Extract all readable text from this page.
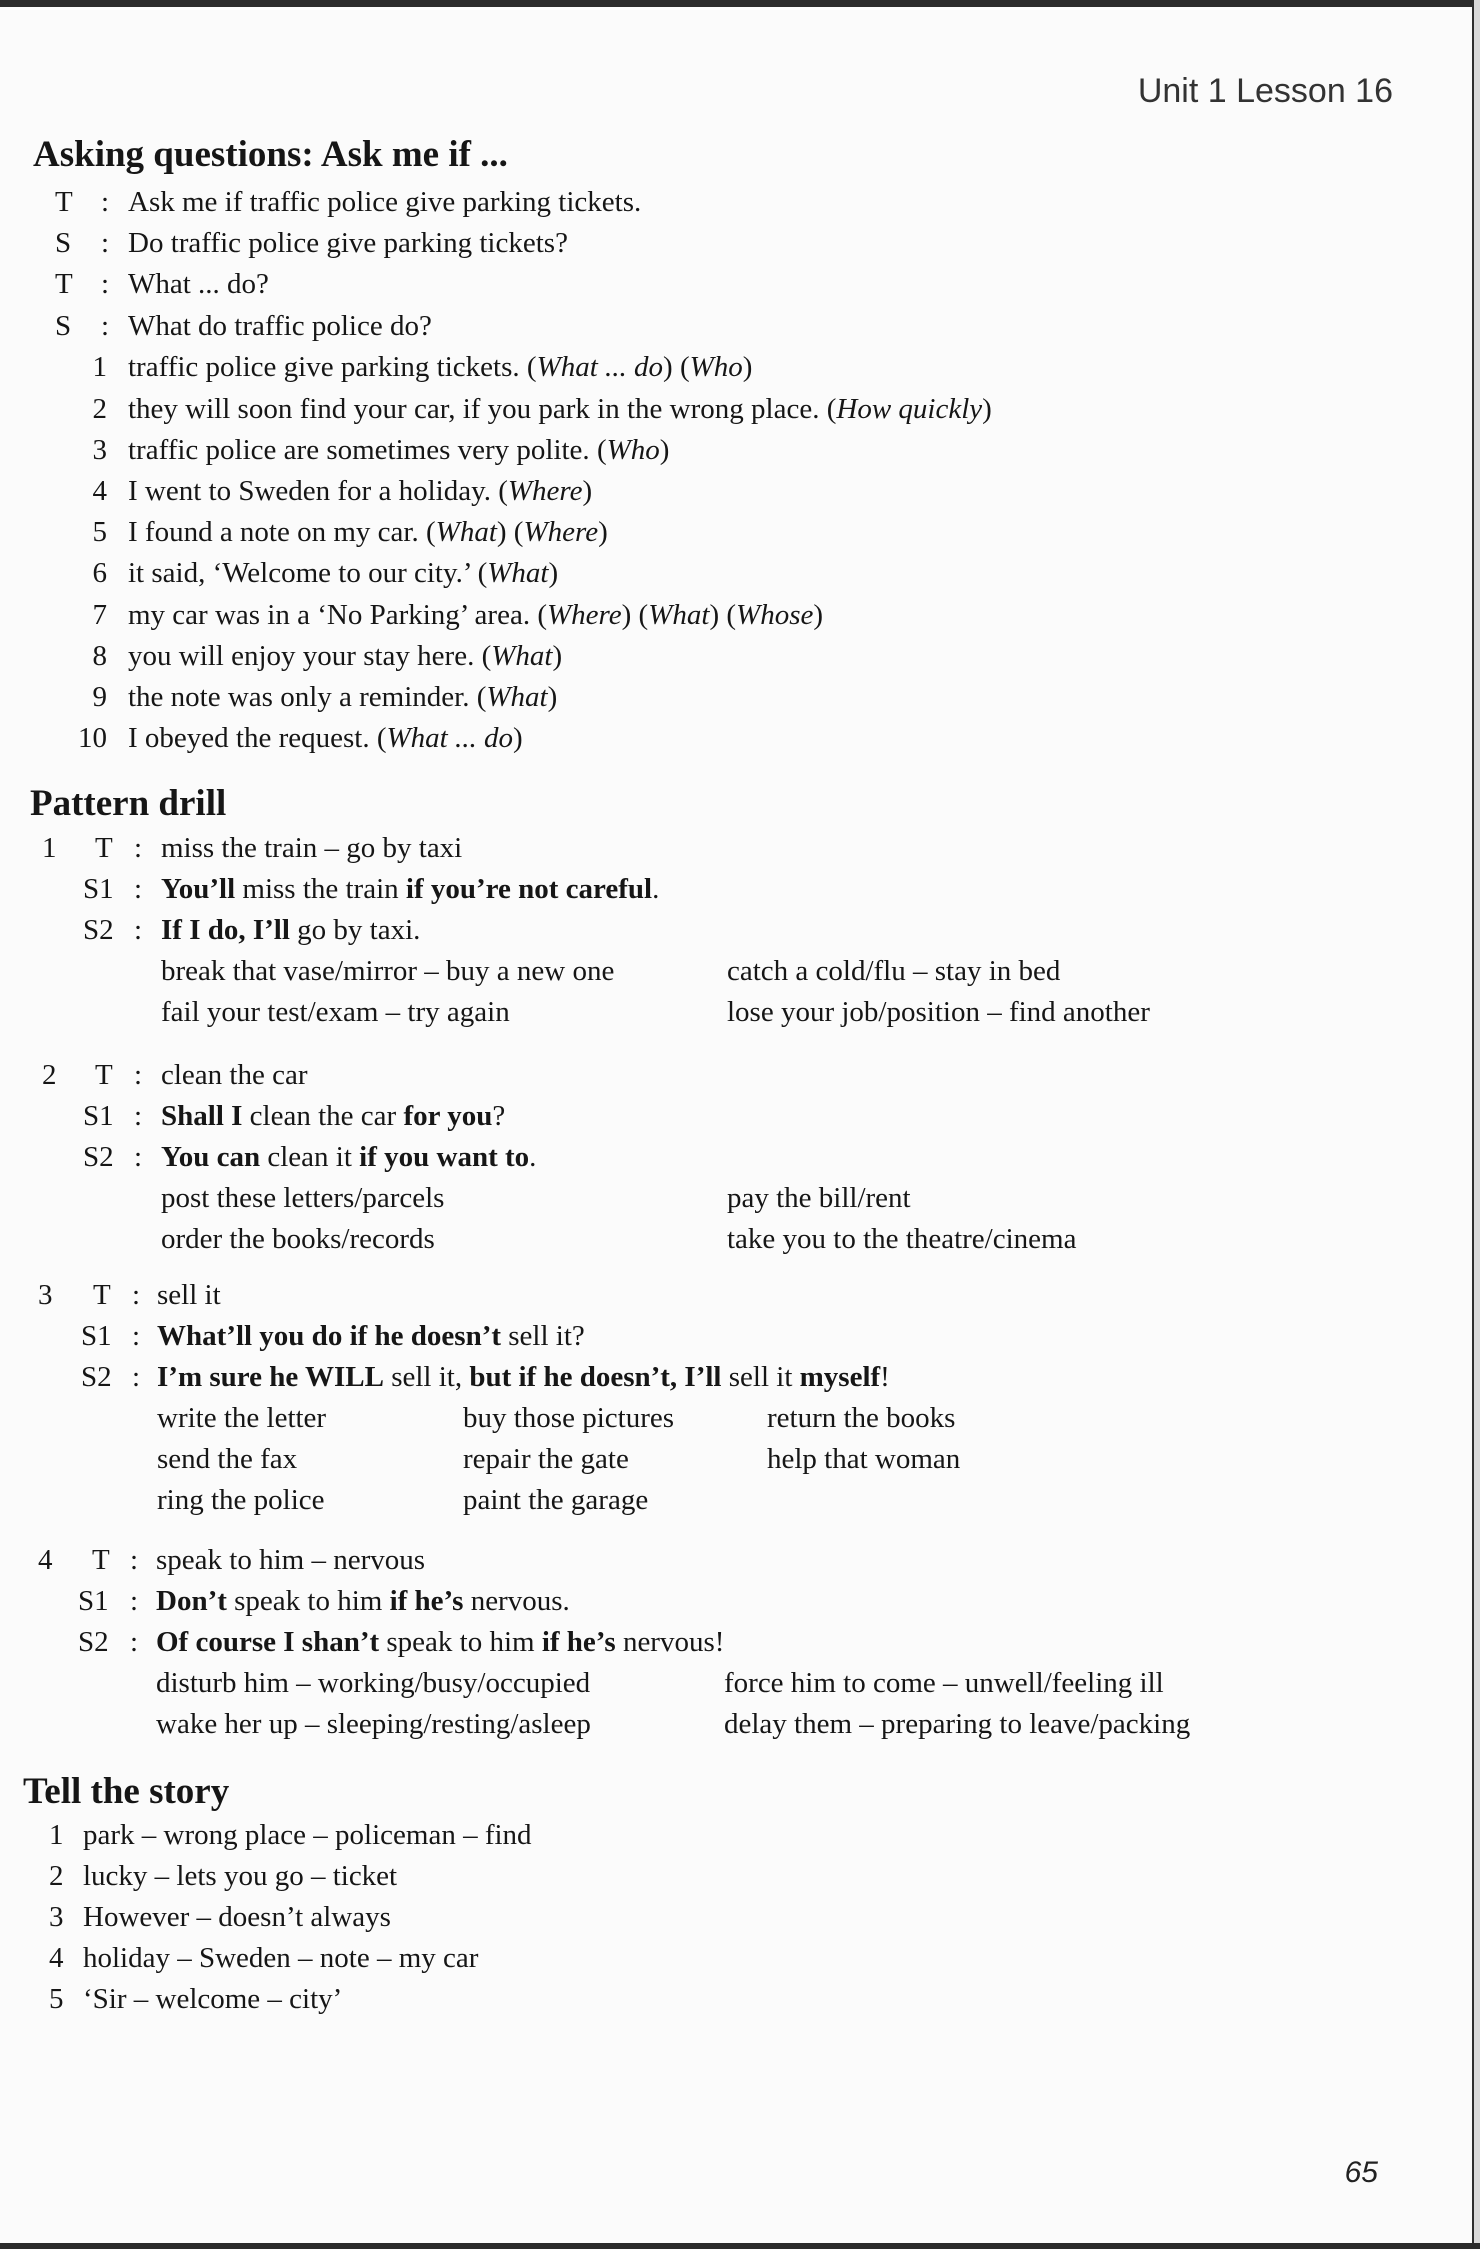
Unit 1 Lesson 16
Asking questions: Ask me if ...
T : Ask me if traffic police give parking tickets.
S : Do traffic police give parking tickets?
T : What ... do?
S : What do traffic police do?
1 traffic police give parking tickets. (What ... do) (Who)
2 they will soon find your car, if you park in the wrong place. (How quickly)
3 traffic police are sometimes very polite. (Who)
4 I went to Sweden for a holiday. (Where)
5 I found a note on my car. (What) (Where)
6 it said, ‘Welcome to our city.’ (What)
7 my car was in a ‘No Parking’ area. (Where) (What) (Whose)
8 you will enjoy your stay here. (What)
9 the note was only a reminder. (What)
10 I obeyed the request. (What ... do)
Pattern drill
1 T : miss the train – go by taxi
S1 : You’ll miss the train if you’re not careful.
S2 : If I do, I’ll go by taxi.
break that vase/mirror – buy a new one	catch a cold/flu – stay in bed
fail your test/exam – try again	lose your job/position – find another
2 T : clean the car
S1 : Shall I clean the car for you?
S2 : You can clean it if you want to.
post these letters/parcels	pay the bill/rent
order the books/records	take you to the theatre/cinema
3 T : sell it
S1 : What’ll you do if he doesn’t sell it?
S2 : I’m sure he WILL sell it, but if he doesn’t, I’ll sell it myself!
write the letter	buy those pictures	return the books
send the fax	repair the gate	help that woman
ring the police	paint the garage
4 T : speak to him – nervous
S1 : Don’t speak to him if he’s nervous.
S2 : Of course I shan’t speak to him if he’s nervous!
disturb him – working/busy/occupied	force him to come – unwell/feeling ill
wake her up – sleeping/resting/asleep	delay them – preparing to leave/packing
Tell the story
1 park – wrong place – policeman – find
2 lucky – lets you go – ticket
3 However – doesn’t always
4 holiday – Sweden – note – my car
5 ‘Sir – welcome – city’
65
